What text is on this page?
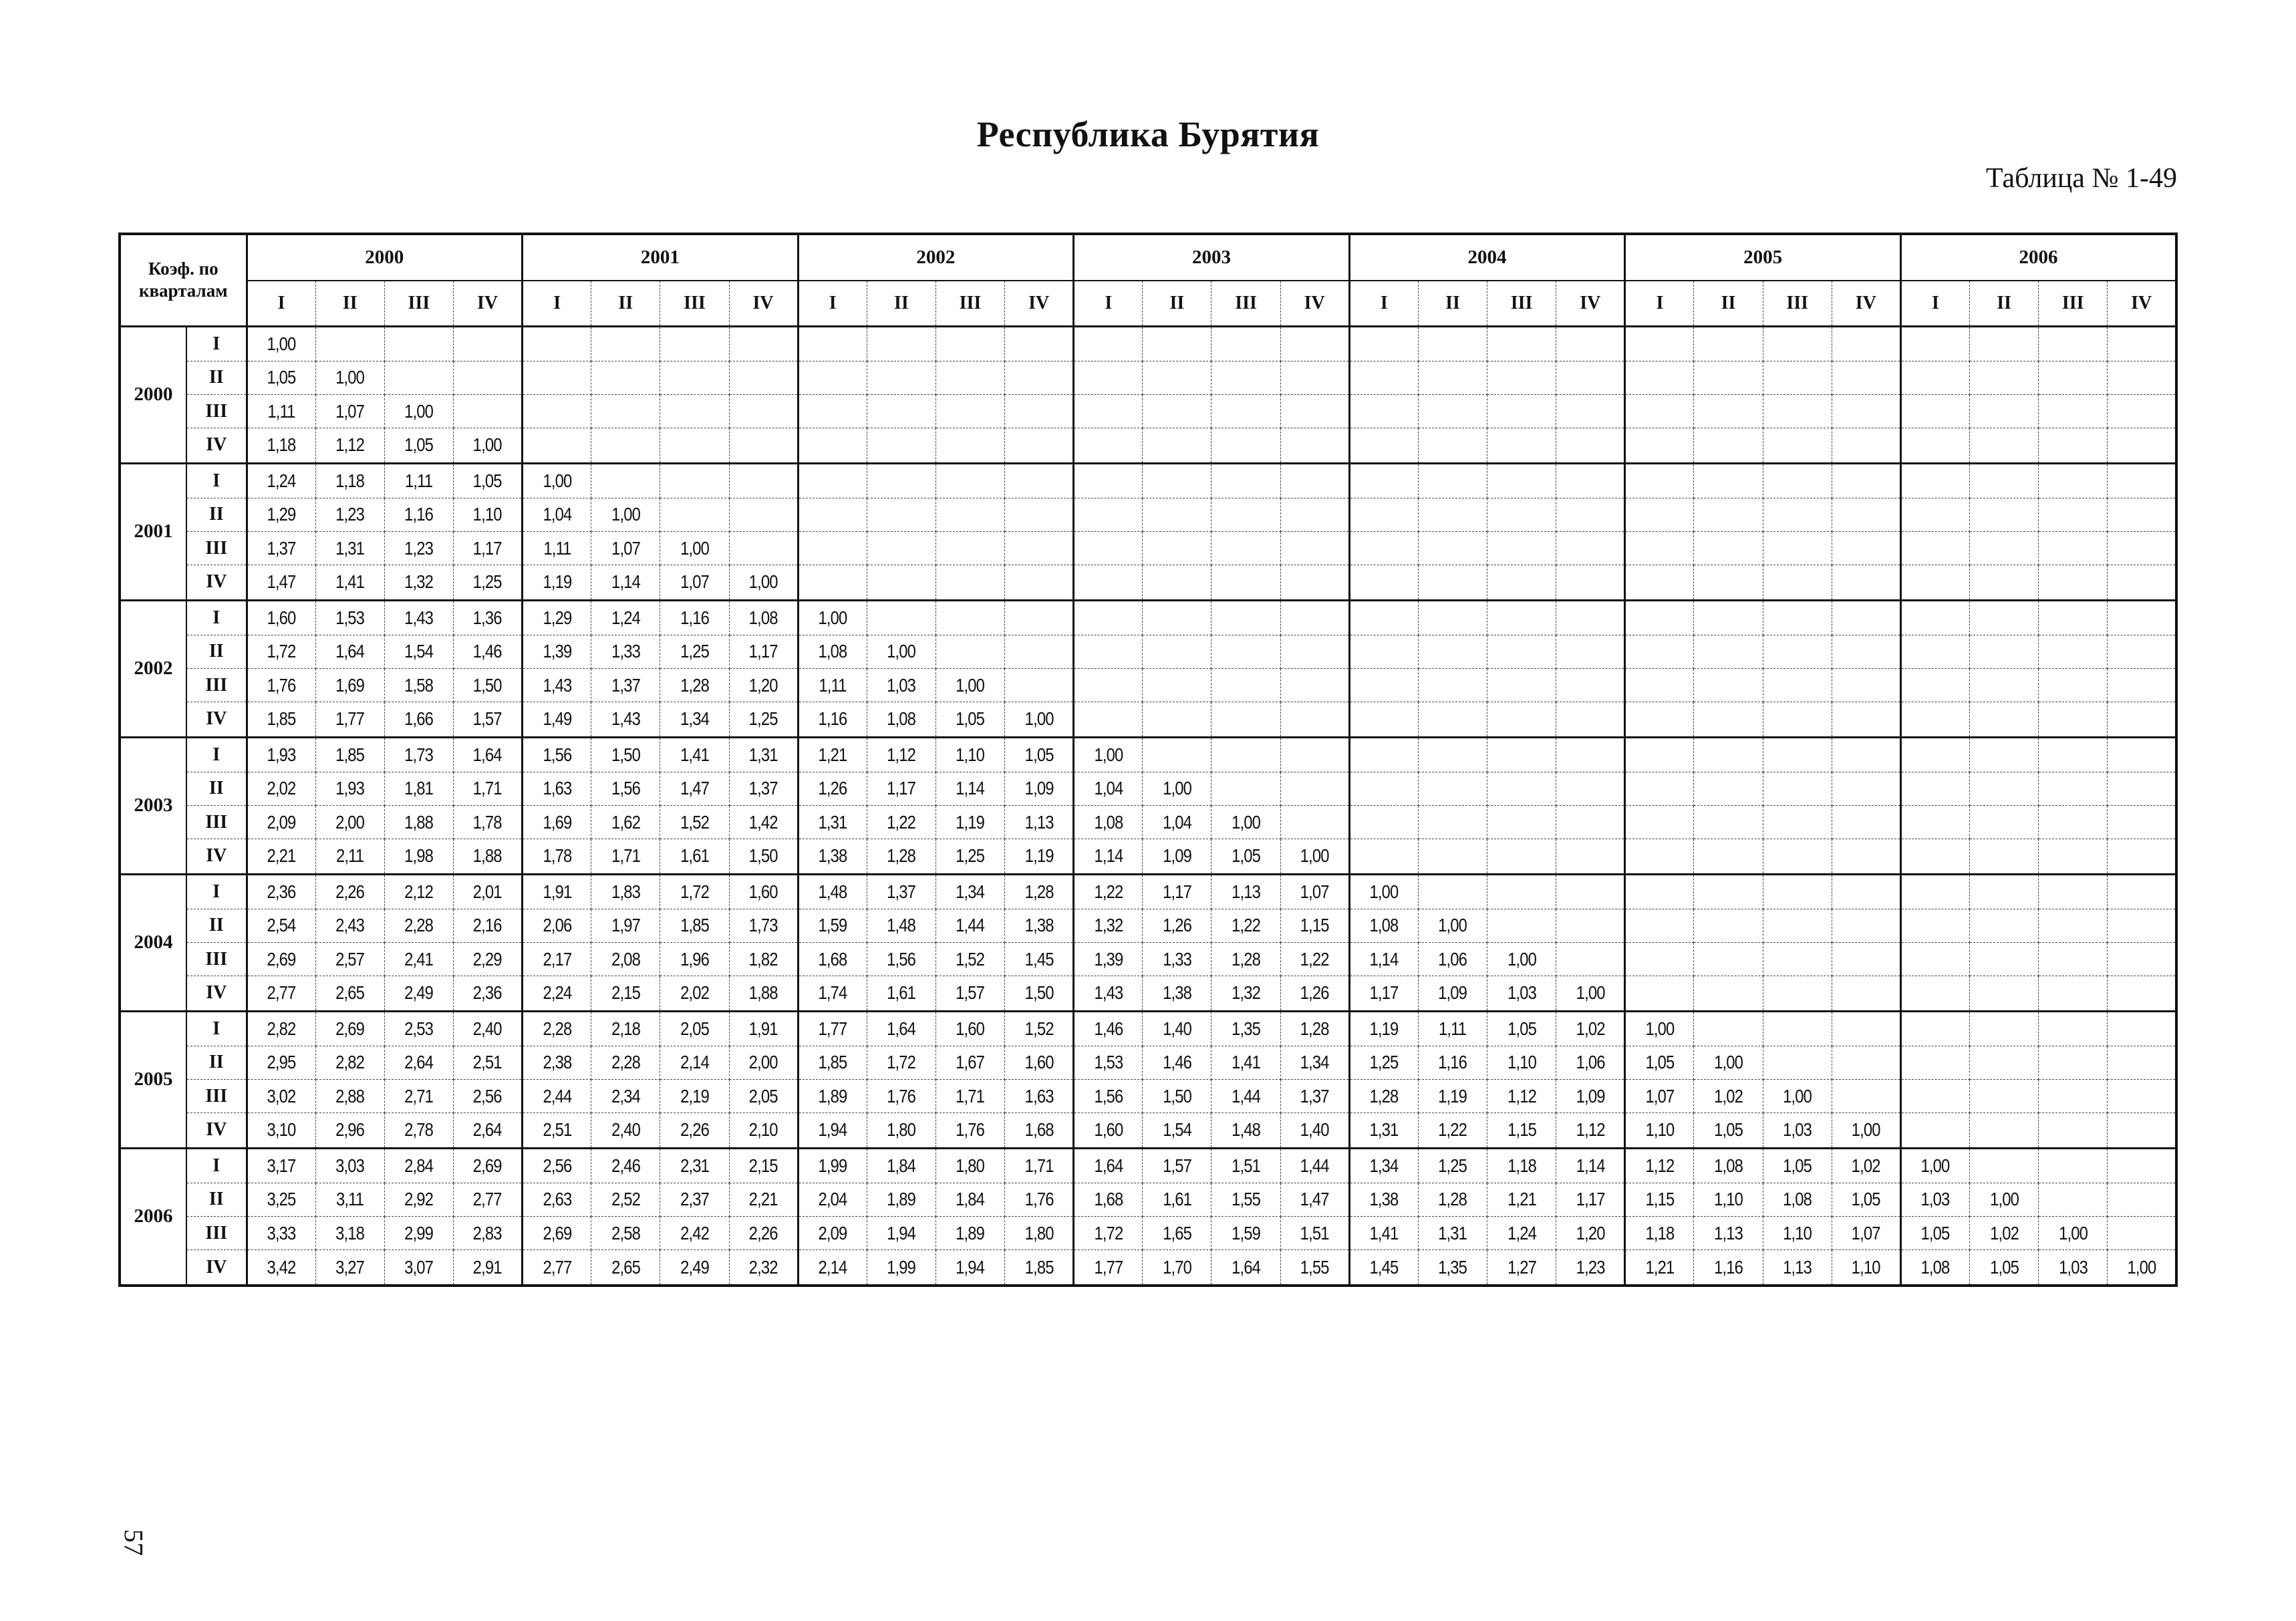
Республика Бурятия
Таблица № 1-49
Коэф. по
кварталам		2000				2001				2002				2003				2004				2005				2006			
		I	II	III	IV	I	II	III	IV	I	II	III	IV	I	II	III	IV	I	II	III	IV	I	II	III	IV	I	II	III	IV
2000	I	1,00																											
	II	1,05	1,00																										
	III	1,11	1,07	1,00																									
	IV	1,18	1,12	1,05	1,00																								
2001	I	1,24	1,18	1,11	1,05	1,00																							
	II	1,29	1,23	1,16	1,10	1,04	1,00																						
	III	1,37	1,31	1,23	1,17	1,11	1,07	1,00																					
	IV	1,47	1,41	1,32	1,25	1,19	1,14	1,07	1,00																				
2002	I	1,60	1,53	1,43	1,36	1,29	1,24	1,16	1,08	1,00																			
	II	1,72	1,64	1,54	1,46	1,39	1,33	1,25	1,17	1,08	1,00																		
	III	1,76	1,69	1,58	1,50	1,43	1,37	1,28	1,20	1,11	1,03	1,00																	
	IV	1,85	1,77	1,66	1,57	1,49	1,43	1,34	1,25	1,16	1,08	1,05	1,00																
2003	I	1,93	1,85	1,73	1,64	1,56	1,50	1,41	1,31	1,21	1,12	1,10	1,05	1,00															
	II	2,02	1,93	1,81	1,71	1,63	1,56	1,47	1,37	1,26	1,17	1,14	1,09	1,04	1,00														
	III	2,09	2,00	1,88	1,78	1,69	1,62	1,52	1,42	1,31	1,22	1,19	1,13	1,08	1,04	1,00													
	IV	2,21	2,11	1,98	1,88	1,78	1,71	1,61	1,50	1,38	1,28	1,25	1,19	1,14	1,09	1,05	1,00												
2004	I	2,36	2,26	2,12	2,01	1,91	1,83	1,72	1,60	1,48	1,37	1,34	1,28	1,22	1,17	1,13	1,07	1,00											
	II	2,54	2,43	2,28	2,16	2,06	1,97	1,85	1,73	1,59	1,48	1,44	1,38	1,32	1,26	1,22	1,15	1,08	1,00										
	III	2,69	2,57	2,41	2,29	2,17	2,08	1,96	1,82	1,68	1,56	1,52	1,45	1,39	1,33	1,28	1,22	1,14	1,06	1,00									
	IV	2,77	2,65	2,49	2,36	2,24	2,15	2,02	1,88	1,74	1,61	1,57	1,50	1,43	1,38	1,32	1,26	1,17	1,09	1,03	1,00								
2005	I	2,82	2,69	2,53	2,40	2,28	2,18	2,05	1,91	1,77	1,64	1,60	1,52	1,46	1,40	1,35	1,28	1,19	1,11	1,05	1,02	1,00							
	II	2,95	2,82	2,64	2,51	2,38	2,28	2,14	2,00	1,85	1,72	1,67	1,60	1,53	1,46	1,41	1,34	1,25	1,16	1,10	1,06	1,05	1,00						
	III	3,02	2,88	2,71	2,56	2,44	2,34	2,19	2,05	1,89	1,76	1,71	1,63	1,56	1,50	1,44	1,37	1,28	1,19	1,12	1,09	1,07	1,02	1,00					
	IV	3,10	2,96	2,78	2,64	2,51	2,40	2,26	2,10	1,94	1,80	1,76	1,68	1,60	1,54	1,48	1,40	1,31	1,22	1,15	1,12	1,10	1,05	1,03	1,00				
2006	I	3,17	3,03	2,84	2,69	2,56	2,46	2,31	2,15	1,99	1,84	1,80	1,71	1,64	1,57	1,51	1,44	1,34	1,25	1,18	1,14	1,12	1,08	1,05	1,02	1,00			
	II	3,25	3,11	2,92	2,77	2,63	2,52	2,37	2,21	2,04	1,89	1,84	1,76	1,68	1,61	1,55	1,47	1,38	1,28	1,21	1,17	1,15	1,10	1,08	1,05	1,03	1,00		
	III	3,33	3,18	2,99	2,83	2,69	2,58	2,42	2,26	2,09	1,94	1,89	1,80	1,72	1,65	1,59	1,51	1,41	1,31	1,24	1,20	1,18	1,13	1,10	1,07	1,05	1,02	1,00	
	IV	3,42	3,27	3,07	2,91	2,77	2,65	2,49	2,32	2,14	1,99	1,94	1,85	1,77	1,70	1,64	1,55	1,45	1,35	1,27	1,23	1,21	1,16	1,13	1,10	1,08	1,05	1,03	1,00
57
